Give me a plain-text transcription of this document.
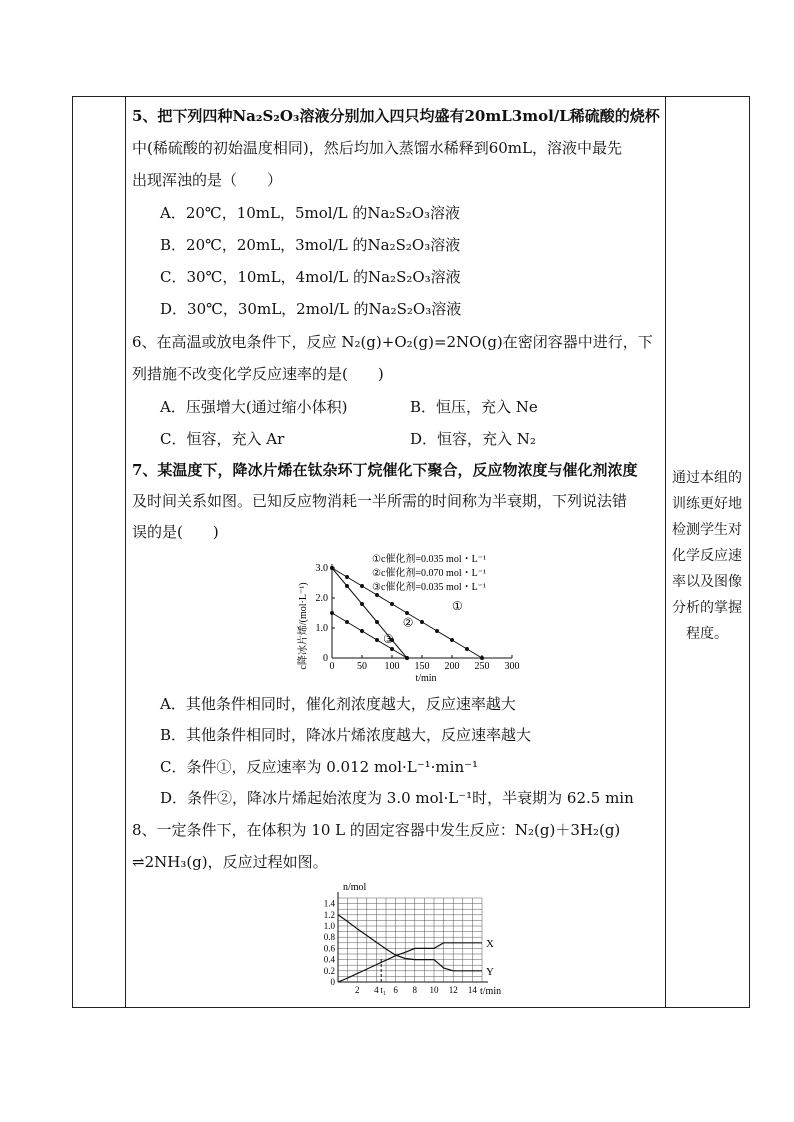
5、把下列四种Na₂S₂O₃溶液分别加入四只均盛有20mL3mol/L稀硫酸的烧杯
中(稀硫酸的初始温度相同)，然后均加入蒸馏水稀释到60mL，溶液中最先
出现浑浊的是（　　）
A．20℃，10mL，5mol/L 的Na₂S₂O₃溶液
B．20℃，20mL，3mol/L 的Na₂S₂O₃溶液
C．30℃，10mL，4mol/L 的Na₂S₂O₃溶液
D．30℃，30mL，2mol/L 的Na₂S₂O₃溶液
6、在高温或放电条件下，反应 N₂(g)+O₂(g)=2NO(g)在密闭容器中进行，下
列措施不改变化学反应速率的是(　　)
A．压强增大(通过缩小体积)	B．恒压，充入 Ne
C．恒容，充入 Ar	D．恒容，充入 N₂
7、某温度下，降冰片烯在钛杂环丁烷催化下聚合，反应物浓度与催化剂浓度
及时间关系如图。已知反应物消耗一半所需的时间称为半衰期，下列说法错
误的是(　　)
①
②
③
0 50 100 150 200 250 300
0
1.0
2.0
3.0
c降冰片烯/(mol·L⁻¹)
t/min
①c催化剂=0.035 mol・L⁻¹
②c催化剂=0.070 mol・L⁻¹
③c催化剂=0.035 mol・L⁻¹
A．其他条件相同时，催化剂浓度越大，反应速率越大
B．其他条件相同时，降冰片烯浓度越大，反应速率越大
C．条件①，反应速率为 0.012 mol·L⁻¹·min⁻¹
D．条件②，降冰片烯起始浓度为 3.0 mol·L⁻¹时，半衰期为 62.5 min
8、一定条件下，在体积为 10 L 的固定容器中发生反应：N₂(g)＋3H₂(g)
⇌2NH₃(g)，反应过程如图。
X
Y
2 4 t₁ 6 8 10 12 14
0
0.2
0.4
0.6
0.8
1.0
1.2
1.4
n/mol
t/min
通过本组的
训练更好地
检测学生对
化学反应速
率以及图像
分析的掌握
程度。
